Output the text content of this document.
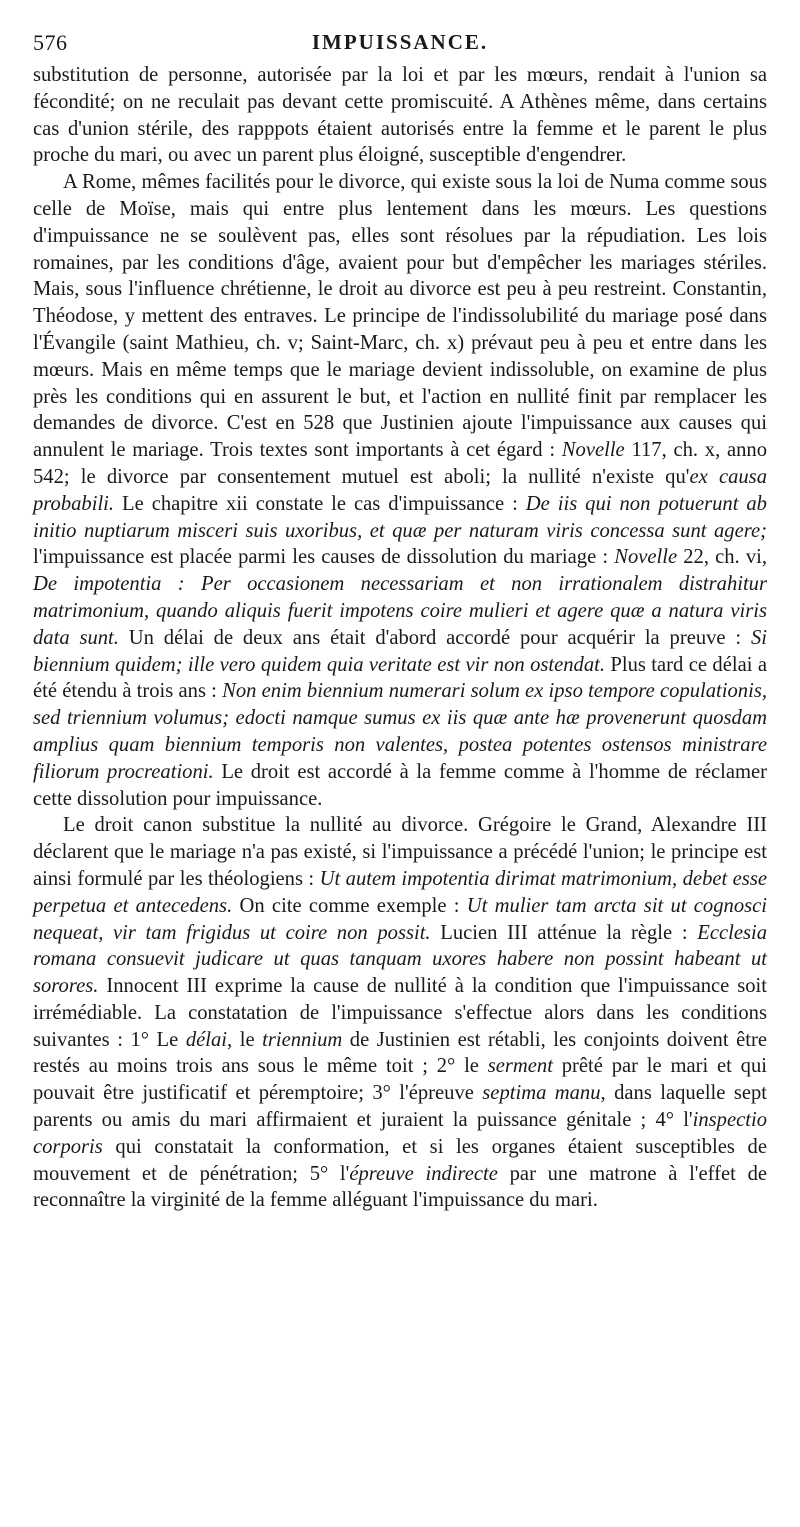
576	IMPUISSANCE.

substitution de personne, autorisée par la loi et par les mœurs, rendait à l'union sa fécondité; on ne reculait pas devant cette promiscuité. A Athènes même, dans certains cas d'union stérile, des rapppots étaient autorisés entre la femme et le parent le plus proche du mari, ou avec un parent plus éloigné, susceptible d'engendrer.

A Rome, mêmes facilités pour le divorce, qui existe sous la loi de Numa comme sous celle de Moïse, mais qui entre plus lentement dans les mœurs. Les questions d'impuissance ne se soulèvent pas, elles sont résolues par la répudiation. Les lois romaines, par les conditions d'âge, avaient pour but d'empêcher les mariages stériles. Mais, sous l'influence chrétienne, le droit au divorce est peu à peu restreint. Constantin, Théodose, y mettent des entraves. Le principe de l'indissolubilité du mariage posé dans l'Évangile (saint Mathieu, ch. v; Saint-Marc, ch. x) prévaut peu à peu et entre dans les mœurs. Mais en même temps que le mariage devient indissoluble, on examine de plus près les conditions qui en assurent le but, et l'action en nullité finit par remplacer les demandes de divorce. C'est en 528 que Justinien ajoute l'impuissance aux causes qui annulent le mariage. Trois textes sont importants à cet égard : Novelle 117, ch. x, anno 542; le divorce par consentement mutuel est aboli; la nullité n'existe qu'ex causa probabili. Le chapitre xii constate le cas d'impuissance : De iis qui non potuerunt ab initio nuptiarum misceri suis uxoribus, et quæ per naturam viris concessa sunt agere; l'impuissance est placée parmi les causes de dissolution du mariage : Novelle 22, ch. vi, De impotentia : Per occasionem necessariam et non irrationalem distrahitur matrimonium, quando aliquis fuerit impotens coire mulieri et agere quæ a natura viris data sunt. Un délai de deux ans était d'abord accordé pour acquérir la preuve : Si biennium quidem; ille vero quidem quia veritate est vir non ostendat. Plus tard ce délai a été étendu à trois ans : Non enim biennium numerari solum ex ipso tempore copulationis, sed triennium volumus; edocti namque sumus ex iis quæ ante hæ provenerunt quosdam amplius quam biennium temporis non valentes, postea potentes ostensos ministrare filiorum procreationi. Le droit est accordé à la femme comme à l'homme de réclamer cette dissolution pour impuissance.

Le droit canon substitue la nullité au divorce. Grégoire le Grand, Alexandre III déclarent que le mariage n'a pas existé, si l'impuissance a précédé l'union; le principe est ainsi formulé par les théologiens : Ut autem impotentia dirimat matrimonium, debet esse perpetua et antecedens. On cite comme exemple : Ut mulier tam arcta sit ut cognosci nequeat, vir tam frigidus ut coire non possit. Lucien III atténue la règle : Ecclesia romana consuevit judicare ut quas tanquam uxores habere non possint habeant ut sorores. Innocent III exprime la cause de nullité à la condition que l'impuissance soit irrémédiable. La constatation de l'impuissance s'effectue alors dans les conditions suivantes : 1° Le délai, le triennium de Justinien est rétabli, les conjoints doivent être restés au moins trois ans sous le même toit ; 2° le serment prêté par le mari et qui pouvait être justificatif et péremptoire; 3° l'épreuve septima manu, dans laquelle sept parents ou amis du mari affirmaient et juraient la puissance génitale ; 4° l'inspectio corporis qui constatait la conformation, et si les organes étaient susceptibles de mouvement et de pénétration; 5° l'épreuve indirecte par une matrone à l'effet de reconnaître la virginité de la femme alléguant l'impuissance du mari.
